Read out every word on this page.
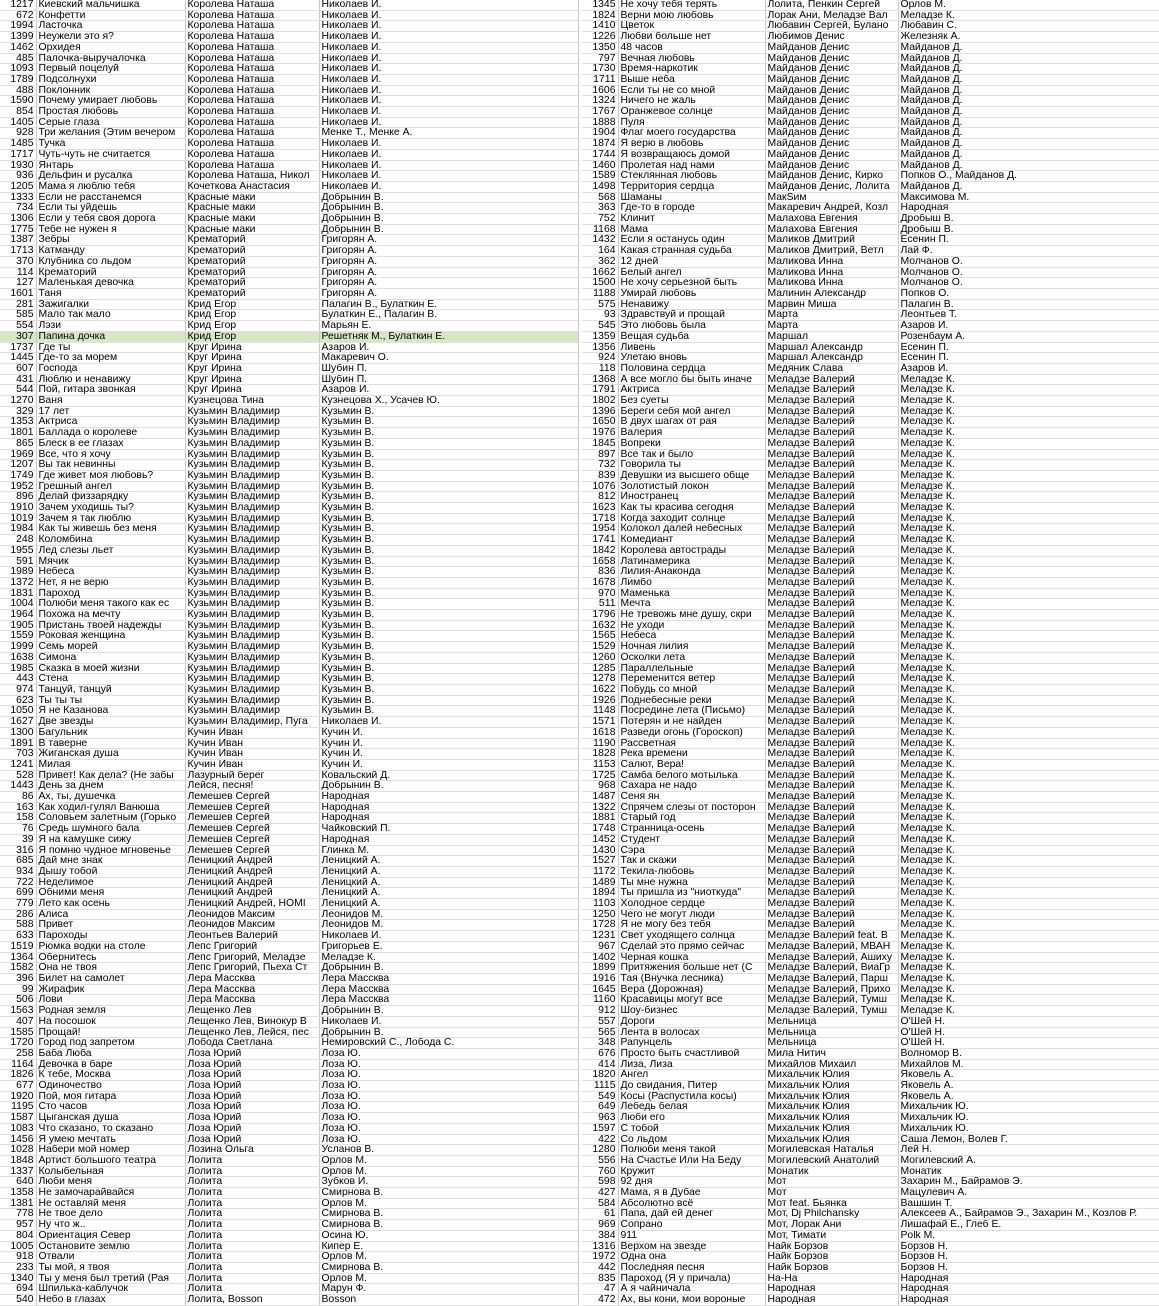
1217	Киевский мальчишка	Королева Наташа	Николаев И.
672	Конфетти	Королева Наташа	Николаев И.
1994	Ласточка	Королева Наташа	Николаев И.
1399	Неужели это я?	Королева Наташа	Николаев И.
1462	Орхидея	Королева Наташа	Николаев И.
485	Палочка-выручалочка	Королева Наташа	Николаев И.
1093	Первый поцелуй	Королева Наташа	Николаев И.
1789	Подсолнухи	Королева Наташа	Николаев И.
488	Поклонник	Королева Наташа	Николаев И.
1590	Почему умирает любовь	Королева Наташа	Николаев И.
854	Простая любовь	Королева Наташа	Николаев И.
1405	Серые глаза	Королева Наташа	Николаев И.
928	Три желания (Этим вечером	Королева Наташа	Менке Т., Менке А.
1485	Тучка	Королева Наташа	Николаев И.
1717	Чуть-чуть не считается	Королева Наташа	Николаев И.
1930	Янтарь	Королева Наташа	Николаев И.
936	Дельфин и русалка	Королева Наташа, Никол	Николаев И.
1205	Мама я люблю тебя	Кочеткова Анастасия	Николаев И.
1333	Если не расстанемся	Красные маки	Добрынин В.
734	Если ты уйдешь	Красные маки	Добрынин В.
1306	Если у тебя своя дорога	Красные маки	Добрынин В.
1775	Тебе не нужен я	Красные маки	Добрынин В.
1387	Зебры	Крематорий	Григорян А.
1713	Катманду	Крематорий	Григорян А.
370	Клубника со льдом	Крематорий	Григорян А.
114	Крематорий	Крематорий	Григорян А.
127	Маленькая девочка	Крематорий	Григорян А.
1601	Таня	Крематорий	Григорян А.
281	Зажигалки	Крид Егор	Палагин В., Булаткин Е.
585	Мало так мало	Крид Егор	Булаткин Е., Палагин В.
554	Лэзи	Крид Егор	Марьян Е.
307	Папина дочка	Крид Егор	Решетняк М., Булаткин Е.
1737	Где ты	Круг Ирина	Азаров И.
1445	Где-то за морем	Круг Ирина	Макаревич О.
607	Господа	Круг Ирина	Шубин П.
431	Люблю и ненавижу	Круг Ирина	Шубин П.
544	Пой, гитара звонкая	Круг Ирина	Азаров И.
1270	Ваня	Кузнецова Тина	Кузнецова Х., Усачев Ю.
329	17 лет	Кузьмин Владимир	Кузьмин В.
1353	Актриса	Кузьмин Владимир	Кузьмин В.
1801	Баллада о королеве	Кузьмин Владимир	Кузьмин В.
865	Блеск в ее глазах	Кузьмин Владимир	Кузьмин В.
1969	Все, что я хочу	Кузьмин Владимир	Кузьмин В.
1207	Вы так невинны	Кузьмин Владимир	Кузьмин В.
1749	Где живет моя любовь?	Кузьмин Владимир	Кузьмин В.
1952	Грешный ангел	Кузьмин Владимир	Кузьмин В.
896	Делай физзарядку	Кузьмин Владимир	Кузьмин В.
1910	Зачем уходишь ты?	Кузьмин Владимир	Кузьмин В.
1019	Зачем я так люблю	Кузьмин Владимир	Кузьмин В.
1984	Как ты живешь без меня	Кузьмин Владимир	Кузьмин В.
248	Коломбина	Кузьмин Владимир	Кузьмин В.
1955	Лед слезы льет	Кузьмин Владимир	Кузьмин В.
591	Мячик	Кузьмин Владимир	Кузьмин В.
1989	Небеса	Кузьмин Владимир	Кузьмин В.
1372	Нет, я не верю	Кузьмин Владимир	Кузьмин В.
1831	Пароход	Кузьмин Владимир	Кузьмин В.
1004	Полюби меня такого как ес	Кузьмин Владимир	Кузьмин В.
1964	Похожа на мечту	Кузьмин Владимир	Кузьмин В.
1905	Пристань твоей надежды	Кузьмин Владимир	Кузьмин В.
1559	Роковая женщина	Кузьмин Владимир	Кузьмин В.
1999	Семь морей	Кузьмин Владимир	Кузьмин В.
1638	Симона	Кузьмин Владимир	Кузьмин В.
1985	Сказка в моей жизни	Кузьмин Владимир	Кузьмин В.
443	Стена	Кузьмин Владимир	Кузьмин В.
974	Танцуй, танцуй	Кузьмин Владимир	Кузьмин В.
623	Ты ты ты	Кузьмин Владимир	Кузьмин В.
1050	Я не Казанова	Кузьмин Владимир	Кузьмин В.
1627	Две звезды	Кузьмин Владимир, Пуга	Николаев И.
1300	Багульник	Кучин Иван	Кучин И.
1891	В таверне	Кучин Иван	Кучин И.
703	Жиганская душа	Кучин Иван	Кучин И.
1241	Милая	Кучин Иван	Кучин И.
528	Привет! Как дела? (Не забы	Лазурный берег	Ковальский Д.
1443	День за днем	Лейся, песня!	Добрынин В.
86	Ах, ты, душечка	Лемешев Сергей	Народная
163	Как ходил-гулял Ванюша	Лемешев Сергей	Народная
158	Соловьем залетным (Горько	Лемешев Сергей	Народная
76	Средь шумного бала	Лемешев Сергей	Чайковский П.
39	Я на камушке сижу	Лемешев Сергей	Народная
316	Я помню чудное мгновенье	Лемешев Сергей	Глинка М.
685	Дай мне знак	Леницкий Андрей	Леницкий А.
934	Дышу тобой	Леницкий Андрей	Леницкий А.
722	Неделимое	Леницкий Андрей	Леницкий А.
699	Обними меня	Леницкий Андрей	Леницкий А.
779	Лето как осень	Леницкий Андрей, HOMI	Леницкий А.
286	Алиса	Леонидов Максим	Леонидов М.
588	Привет	Леонидов Максим	Леонидов М.
633	Пароходы	Леонтьев Валерий	Николаев И.
1519	Рюмка водки на столе	Лепс Григорий	Григорьев Е.
1364	Обернитесь	Лепс Григорий, Меладзе	Меладзе К.
1582	Она не твоя	Лепс Григорий, Пьеха Ст	Добрынин В.
396	Билет на самолет	Лера Массква	Лера Массква
99	Жирафик	Лера Массква	Лера Массква
506	Лови	Лера Массква	Лера Массква
1563	Родная земля	Лещенко Лев	Добрынин В.
407	На посошок	Лещенко Лев, Винокур В	Николаев И.
1585	Прощай!	Лещенко Лев, Лейся, пес	Добрынин В.
1720	Город под запретом	Лобода Светлана	Немировский С., Лобода С.
258	Баба Люба	Лоза Юрий	Лоза Ю.
1164	Девочка в баре	Лоза Юрий	Лоза Ю.
1826	К тебе, Москва	Лоза Юрий	Лоза Ю.
677	Одиночество	Лоза Юрий	Лоза Ю.
1920	Пой, моя гитара	Лоза Юрий	Лоза Ю.
1195	Сто часов	Лоза Юрий	Лоза Ю.
1587	Цыганская душа	Лоза Юрий	Лоза Ю.
1083	Что сказано, то сказано	Лоза Юрий	Лоза Ю.
1456	Я умею мечтать	Лоза Юрий	Лоза Ю.
1028	Набери мой номер	Лозина Ольга	Усланов В.
1848	Артист большого театра	Лолита	Орлов М.
1337	Колыбельная	Лолита	Орлов М.
640	Люби меня	Лолита	Зубков И.
1358	Не замочарайвайся	Лолита	Смирнова В.
1381	Не оставляй меня	Лолита	Орлов М.
778	Не твое дело	Лолита	Смирнова В.
957	Ну что ж..	Лолита	Смирнова В.
804	Ориентация Север	Лолита	Осина Ю.
1005	Остановите землю	Лолита	Кипер Е.
918	Отвали	Лолита	Орлов М.
233	Ты мой, я твоя	Лолита	Смирнова В.
1340	Ты у меня был третий (Рая	Лолита	Орлов М.
694	Шпилька-каблучок	Лолита	Марун Ф.
540	Небо в глазах	Лолита, Bosson	Bosson
1345	Не хочу тебя терять	Лолита, Пенкин Сергей	Орлов М.
1824	Верни мою любовь	Лорак Ани, Меладзе Вал	Меладзе К.
1410	Цветок	Любавин Сергей, Булано	Любавин С.
1226	Любви больше нет	Любимов Денис	Железняк А.
1350	48 часов	Майданов Денис	Майданов Д.
797	Вечная любовь	Майданов Денис	Майданов Д.
1730	Время-наркотик	Майданов Денис	Майданов Д.
1711	Выше неба	Майданов Денис	Майданов Д.
1606	Если ты не со мной	Майданов Денис	Майданов Д.
1324	Ничего не жаль	Майданов Денис	Майданов Д.
1767	Оранжевое солнце	Майданов Денис	Майданов Д.
1888	Пуля	Майданов Денис	Майданов Д.
1904	Флаг моего государства	Майданов Денис	Майданов Д.
1874	Я верю в любовь	Майданов Денис	Майданов Д.
1744	Я возвращаюсь домой	Майданов Денис	Майданов Д.
1460	Пролетая над нами	Майданов Денис	Майданов Д.
1589	Стеклянная любовь	Майданов Денис, Кирко	Попков О., Майданов Д.
1498	Территория сердца	Майданов Денис, Лолита	Майданов Д.
568	Шаманы	МакSим	Максимова М.
363	Где-то в городе	Макаревич Андрей, Козл	Народная
752	Клинит	Малахова Евгения	Дробыш В.
1168	Мама	Малахова Евгения	Дробыш В.
1432	Если я останусь один	Маликов Дмитрий	Есенин П.
164	Какая странная судьба	Маликов Дмитрий, Ветл	Лай Ф.
362	12 дней	Маликова Инна	Молчанов О.
1662	Белый ангел	Маликова Инна	Молчанов О.
1500	Не хочу серьезной быть	Маликова Инна	Молчанов О.
1188	Умирай любовь	Малинин Александр	Попков О.
575	Ненавижу	Марвин Миша	Палагин В.
93	Здравствуй и прощай	Марта	Леонтьев Т.
545	Это любовь была	Марта	Азаров И.
1359	Вещая судьба	Маршал	Розенбаум А.
1356	Ливень	Маршал Александр	Есенин П.
924	Улетаю вновь	Маршал Александр	Есенин П.
118	Половина сердца	Медяник Слава	Азаров И.
1368	А все могло бы быть иначе	Меладзе Валерий	Меладзе К.
1791	Актриса	Меладзе Валерий	Меладзе К.
1802	Без суеты	Меладзе Валерий	Меладзе К.
1396	Береги себя мой ангел	Меладзе Валерий	Меладзе К.
1650	В двух шагах от рая	Меладзе Валерий	Меладзе К.
1976	Валерия	Меладзе Валерий	Меладзе К.
1845	Вопреки	Меладзе Валерий	Меладзе К.
897	Все так и было	Меладзе Валерий	Меладзе К.
732	Говорила ты	Меладзе Валерий	Меладзе К.
839	Девушки из высшего обще	Меладзе Валерий	Меладзе К.
1076	Золотистый локон	Меладзе Валерий	Меладзе К.
812	Иностранец	Меладзе Валерий	Меладзе К.
1623	Как ты красива сегодня	Меладзе Валерий	Меладзе К.
1718	Когда заходит солнце	Меладзе Валерий	Меладзе К.
1954	Колокол далей небесных	Меладзе Валерий	Меладзе К.
1741	Комедиант	Меладзе Валерий	Меладзе К.
1842	Королева автострады	Меладзе Валерий	Меладзе К.
1658	Латинамерика	Меладзе Валерий	Меладзе К.
836	Лилия-Анаконда	Меладзе Валерий	Меладзе К.
1678	Лимбо	Меладзе Валерий	Меладзе К.
970	Маменька	Меладзе Валерий	Меладзе К.
511	Мечта	Меладзе Валерий	Меладзе К.
1796	Не тревожь мне душу, скри	Меладзе Валерий	Меладзе К.
1632	Не уходи	Меладзе Валерий	Меладзе К.
1565	Небеса	Меладзе Валерий	Меладзе К.
1529	Ночная лилия	Меладзе Валерий	Меладзе К.
1260	Осколки лета	Меладзе Валерий	Меладзе К.
1285	Параллельные	Меладзе Валерий	Меладзе К.
1278	Переменится ветер	Меладзе Валерий	Меладзе К.
1622	Побудь со мной	Меладзе Валерий	Меладзе К.
1926	Поднебесные реки	Меладзе Валерий	Меладзе К.
1148	Посредине лета (Письмо)	Меладзе Валерий	Меладзе К.
1571	Потерян и не найден	Меладзе Валерий	Меладзе К.
1618	Разведи огонь (Гороскоп)	Меладзе Валерий	Меладзе К.
1190	Рассветная	Меладзе Валерий	Меладзе К.
1828	Река времени	Меладзе Валерий	Меладзе К.
1153	Салют, Вера!	Меладзе Валерий	Меладзе К.
1725	Самба белого мотылька	Меладзе Валерий	Меладзе К.
968	Сахара не надо	Меладзе Валерий	Меладзе К.
1487	Сеня ян	Меладзе Валерий	Меладзе К.
1322	Спрячем слезы от посторон	Меладзе Валерий	Меладзе К.
1881	Старый год	Меладзе Валерий	Меладзе К.
1748	Странница-осень	Меладзе Валерий	Меладзе К.
1452	Студент	Меладзе Валерий	Меладзе К.
1430	Сэра	Меладзе Валерий	Меладзе К.
1527	Так и скажи	Меладзе Валерий	Меладзе К.
1172	Текила-любовь	Меладзе Валерий	Меладзе К.
1489	Ты мне нужна	Меладзе Валерий	Меладзе К.
1894	Ты пришла из "ниоткуда"	Меладзе Валерий	Меладзе К.
1103	Холодное сердце	Меладзе Валерий	Меладзе К.
1250	Чего не могут люди	Меладзе Валерий	Меладзе К.
1728	Я не могу без тебя	Меладзе Валерий	Меладзе К.
1231	Свет уходящего солнца	Меладзе Валерий feat. B	Меладзе К.
967	Сделай это прямо сейчас	Меладзе Валерий, МВАН	Меладзе К.
1402	Черная кошка	Меладзе Валерий, Ашиху	Меладзе К.
1899	Притяжения больше нет (С	Меладзе Валерий, ВиаГр	Меладзе К.
1916	Тая (Внучка лесника)	Меладзе Валерий, Парш	Меладзе К.
1645	Вера (Дорожная)	Меладзе Валерий, Прихо	Меладзе К.
1160	Красавицы могут все	Меладзе Валерий, Тумш	Меладзе К.
912	Шоу-бизнес	Меладзе Валерий, Тумш	Меладзе К.
557	Дороги	Мельница	О'Шей Н.
565	Лента в волосах	Мельница	О'Шей Н.
348	Рапунцель	Мельница	О'Шей Н.
676	Просто быть счастливой	Мила Нитич	Волномор В.
414	Лиза, Лиза	Михайлов Михаил	Михайлов М.
1820	Ангел	Михальчик Юлия	Яковель А.
1115	До свидания, Питер	Михальчик Юлия	Яковель А.
549	Косы (Распустила косы)	Михальчик Юлия	Яковель А.
649	Лебедь белая	Михальчик Юлия	Михальчик Ю.
963	Люби его	Михальчик Юлия	Михальчик Ю.
1597	С тобой	Михальчик Юлия	Михальчик Ю.
422	Со льдом	Михальчик Юлия	Саша Лемон, Волев Г.
1280	Полюби меня такой	Могилевская Наталья	Лей Н.
556	На Счастье Или На Беду	Могилевский Анатолий	Могилевский А.
760	Кружит	Монатик	Монатик
598	92 дня	Мот	Захарин М., Байрамов Э.
427	Мама, я в Дубае	Мот	Мацулевич А.
584	Абсолютно всё	Мот feat. Бьянка	Вашшин Т.
61	Папа, дай ей денег	Мот, Dj Philchansky	Алексеев А., Байрамов Э., Захарин М., Козлов Р.
969	Сопрано	Мот, Лорак Ани	Лишафай Е., Глеб Е.
384	911	Мот, Тимати	Polk M.
1316	Верхом на звезде	Найк Борзов	Борзов Н.
1972	Одна она	Найк Борзов	Борзов Н.
442	Последняя песня	Найк Борзов	Борзов Н.
835	Пароход (Я у причала)	На-На	Народная
47	А я чайничала	Народная	Народная
472	Ах, вы кони, мои вороные	Народная	Народная
